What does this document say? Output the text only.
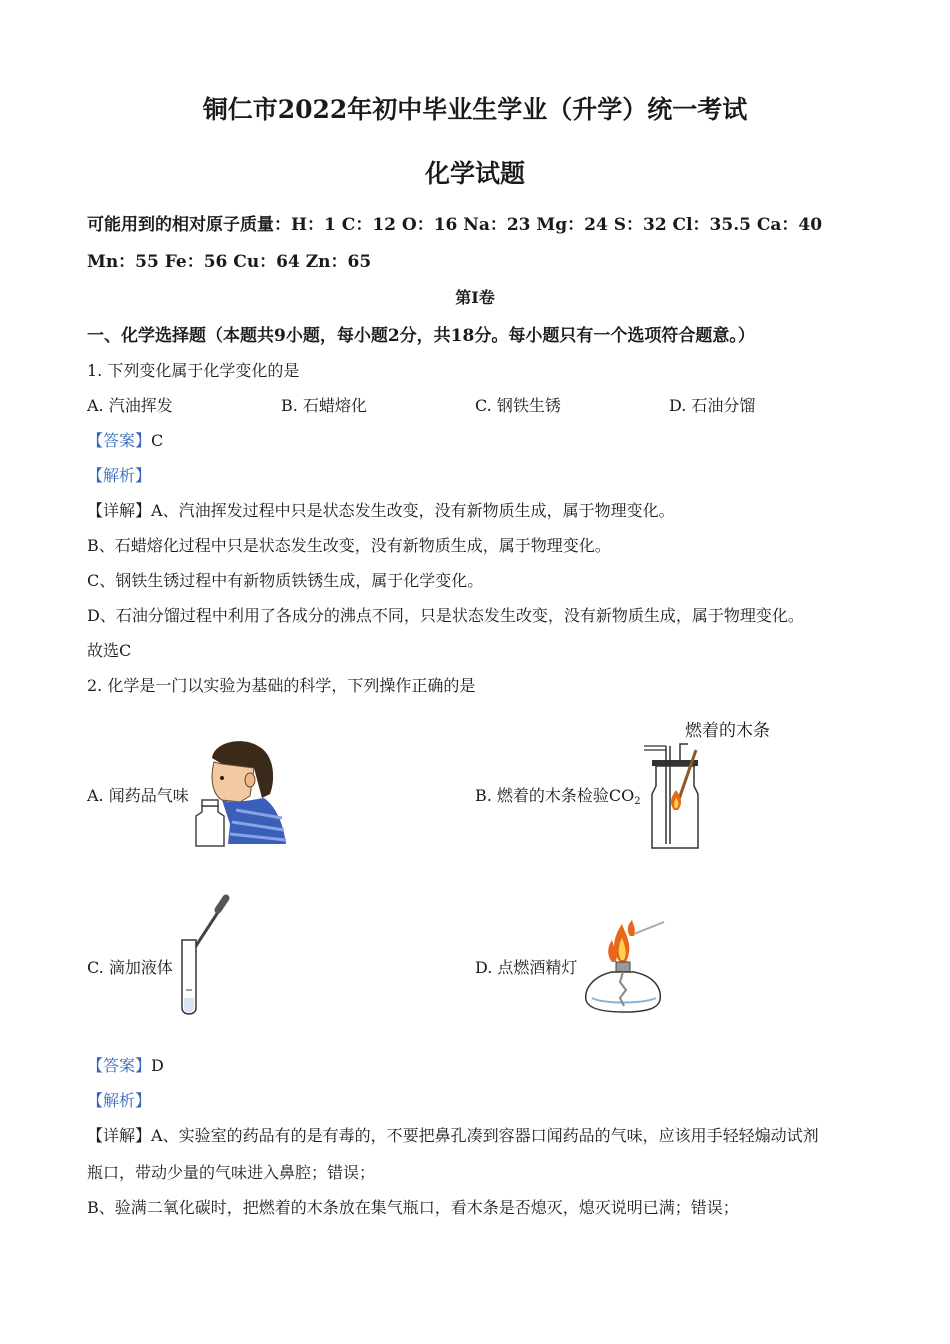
铜仁市2022年初中毕业生学业（升学）统一考试
化学试题
可能用到的相对原子质量：H：1 C：12 O：16 Na：23 Mg：24 S：32 Cl：35.5 Ca：40
Mn：55 Fe：56 Cu：64 Zn：65
第I卷
一、化学选择题（本题共9小题，每小题2分，共18分。每小题只有一个选项符合题意。）
1. 下列变化属于化学变化的是
A. 汽油挥发	B. 石蜡熔化	C. 钢铁生锈	D. 石油分馏
【答案】C
【解析】
【详解】A、汽油挥发过程中只是状态发生改变，没有新物质生成，属于物理变化。
B、石蜡熔化过程中只是状态发生改变，没有新物质生成，属于物理变化。
C、钢铁生锈过程中有新物质铁锈生成，属于化学变化。
D、石油分馏过程中利用了各成分的沸点不同，只是状态发生改变，没有新物质生成，属于物理变化。
故选C
2. 化学是一门以实验为基础的科学，下列操作正确的是
A. 闻药品气味	B. 燃着的木条检验$CO_2$
燃着的木条
C. 滴加液体	D. 点燃酒精灯
【答案】D
【解析】
【详解】A、实验室的药品有的是有毒的，不要把鼻孔凑到容器口闻药品的气味，应该用手轻轻煽动试剂
瓶口，带动少量的气味进入鼻腔；错误；
B、验满二氧化碳时，把燃着的木条放在集气瓶口，看木条是否熄灭，熄灭说明已满；错误；
